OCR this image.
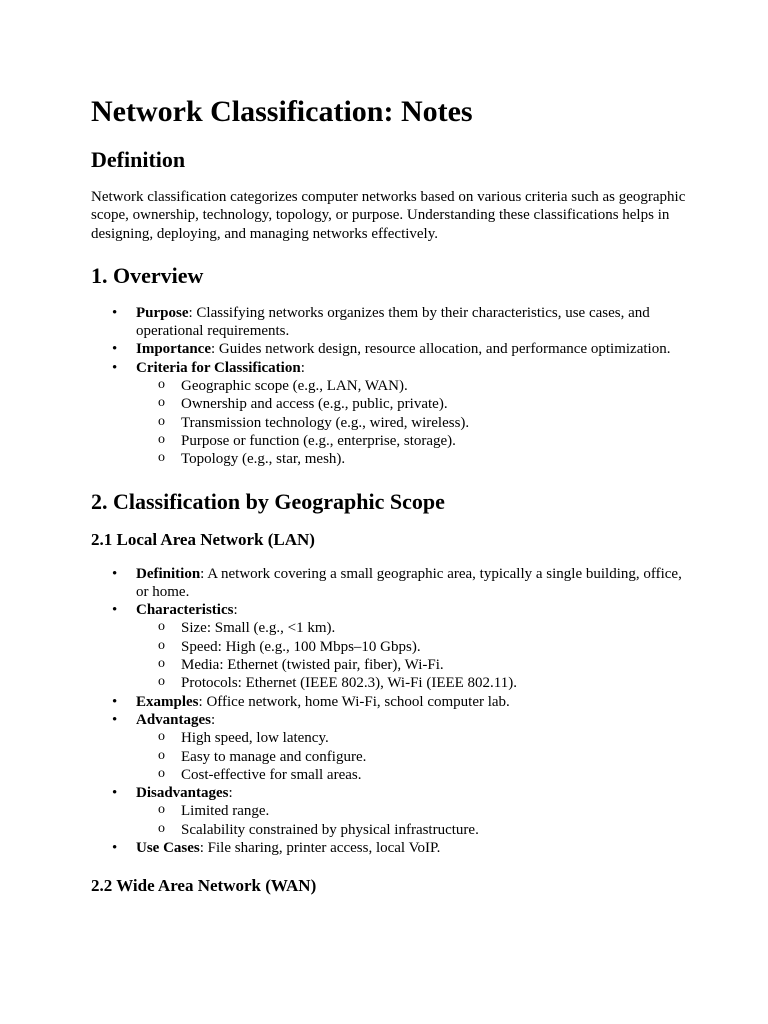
Network Classification: Notes
Definition

Network classification categorizes computer networks based on various criteria such as geographic scope, ownership, technology, topology, or purpose. Understanding these classifications helps in designing, deploying, and managing networks effectively.

1. Overview
• Purpose: Classifying networks organizes them by their characteristics, use cases, and operational requirements.
• Importance: Guides network design, resource allocation, and performance optimization.
• Criteria for Classification:
o Geographic scope (e.g., LAN, WAN).
o Ownership and access (e.g., public, private).
o Transmission technology (e.g., wired, wireless).
o Purpose or function (e.g., enterprise, storage).
o Topology (e.g., star, mesh).
2. Classification by Geographic Scope
2.1 Local Area Network (LAN)
• Definition: A network covering a small geographic area, typically a single building, office, or home.
• Characteristics:
o Size: Small (e.g., <1 km).
o Speed: High (e.g., 100 Mbps–10 Gbps).
o Media: Ethernet (twisted pair, fiber), Wi-Fi.
o Protocols: Ethernet (IEEE 802.3), Wi-Fi (IEEE 802.11).
• Examples: Office network, home Wi-Fi, school computer lab.
• Advantages:
o High speed, low latency.
o Easy to manage and configure.
o Cost-effective for small areas.
• Disadvantages:
o Limited range.
o Scalability constrained by physical infrastructure.
• Use Cases: File sharing, printer access, local VoIP.
2.2 Wide Area Network (WAN)
